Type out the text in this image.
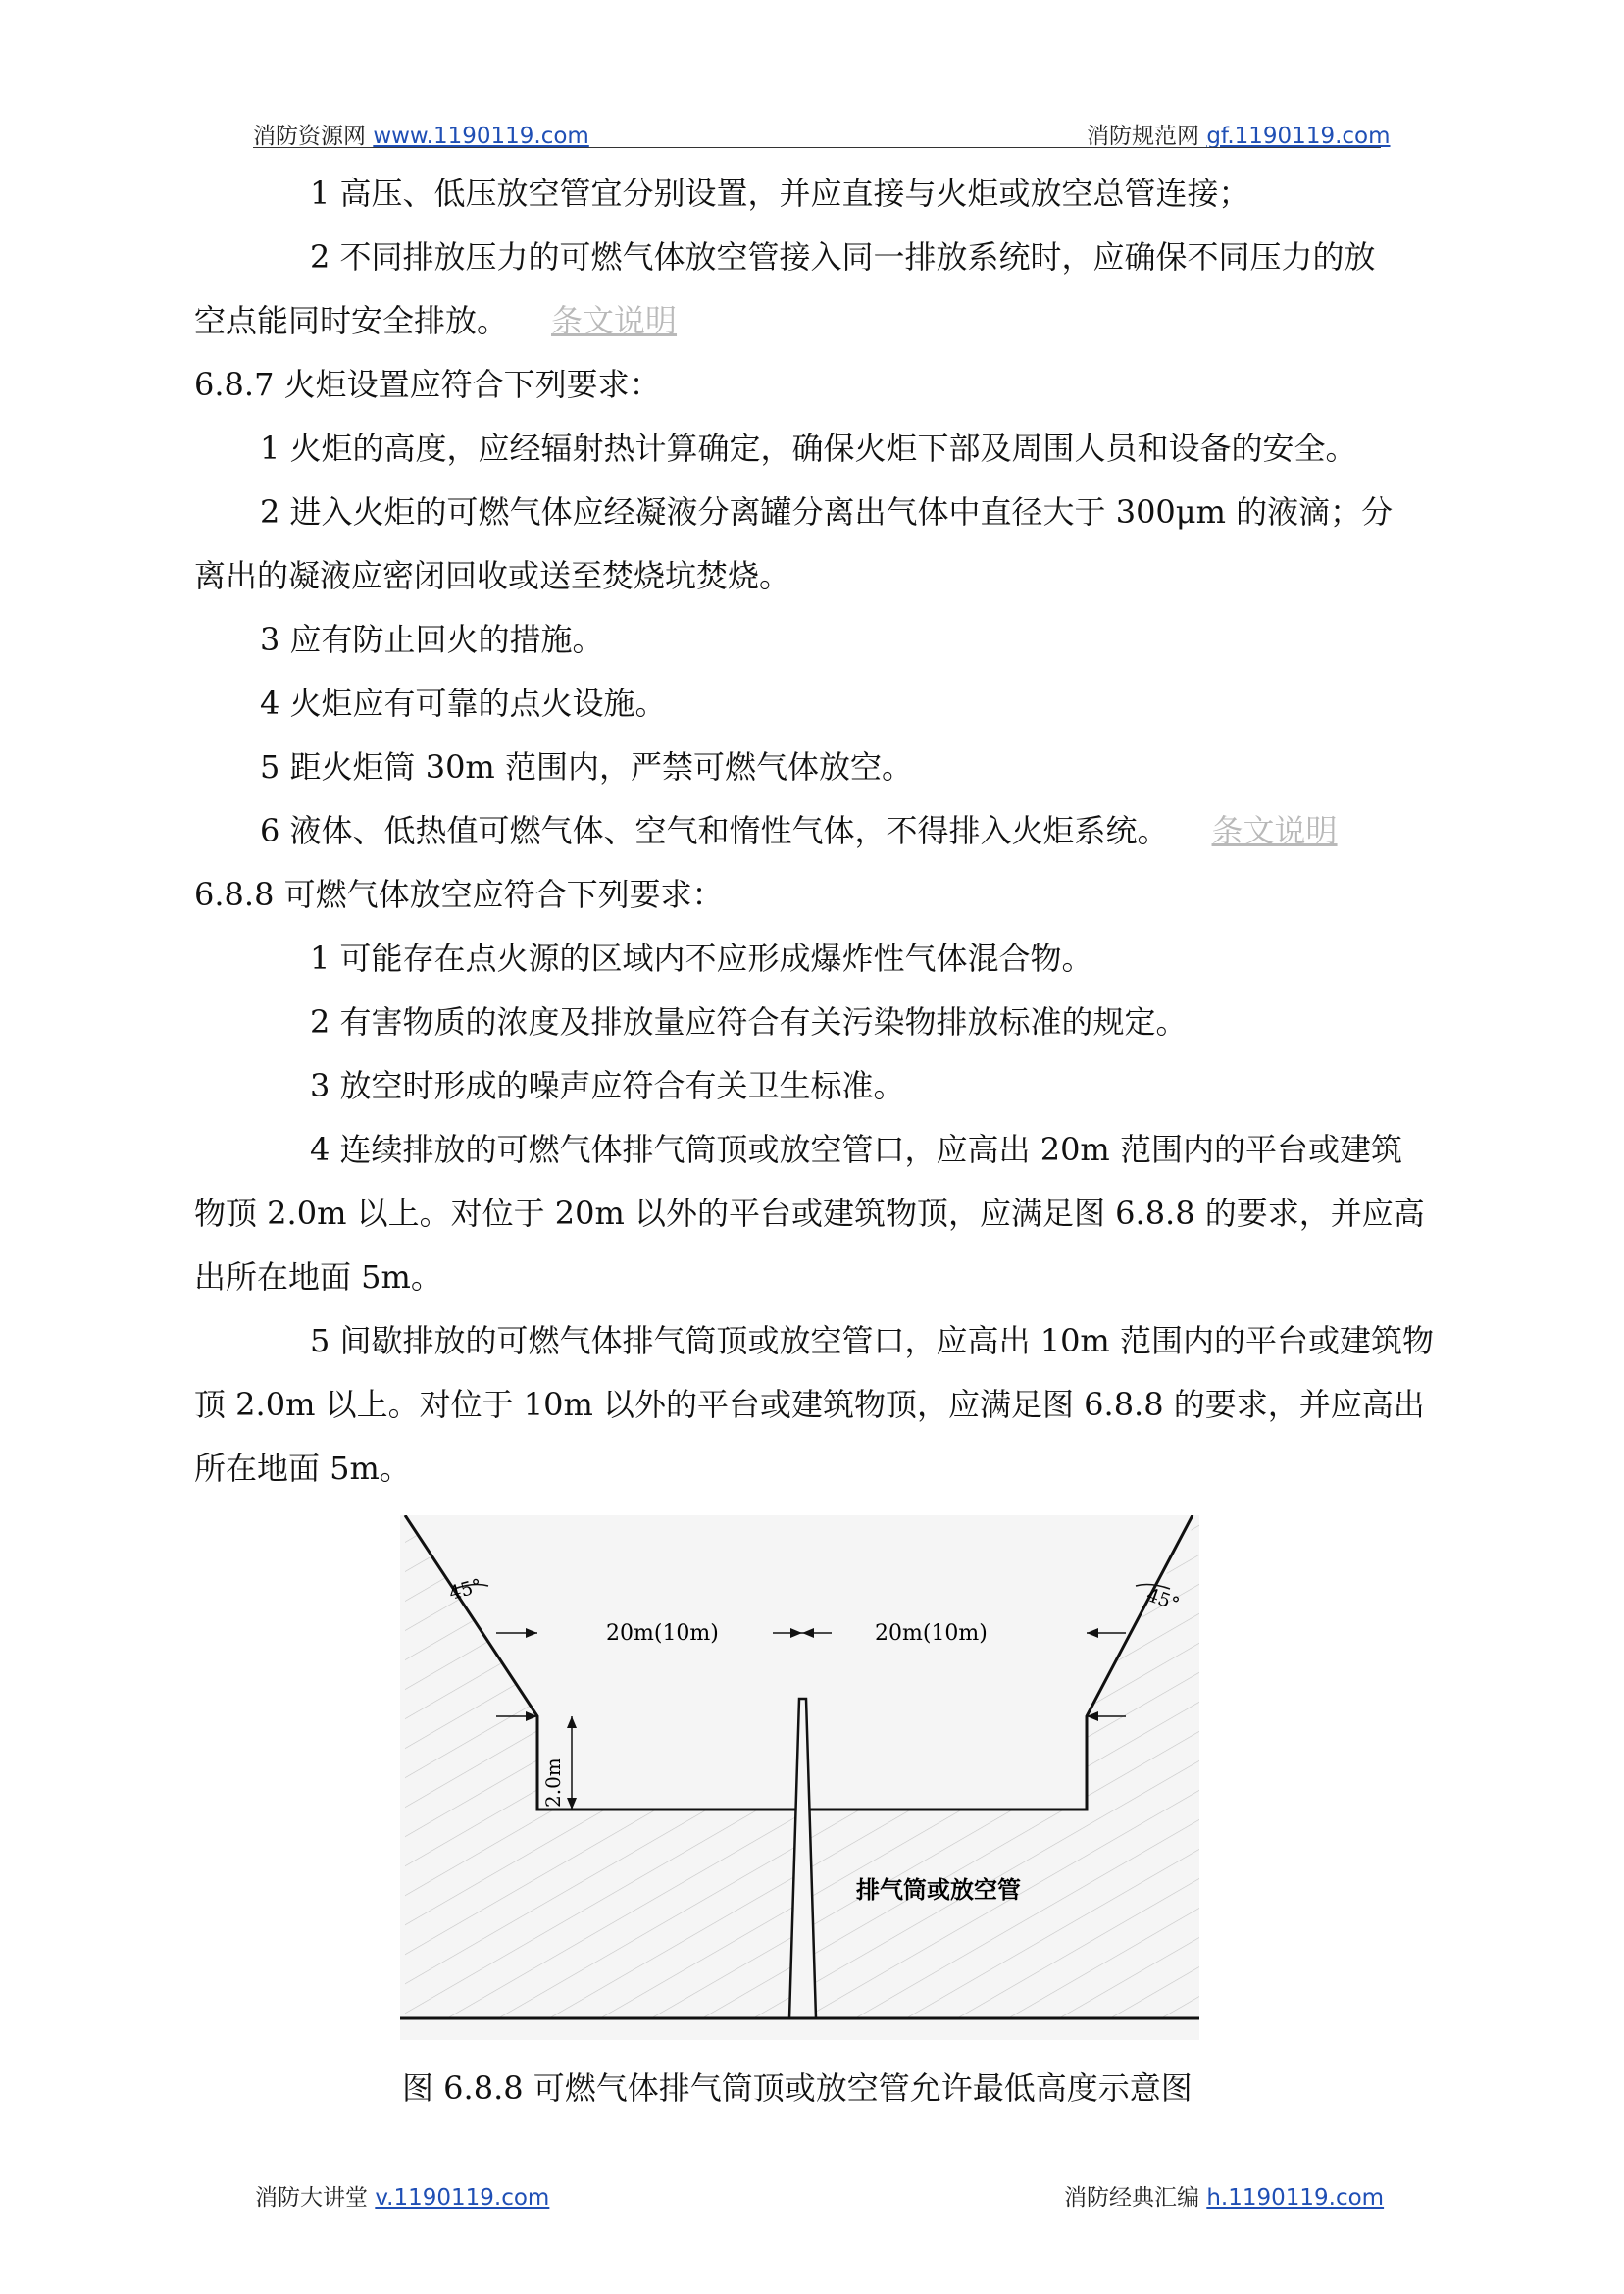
消防资源网 www.1190119.com	消防规范网 gf.1190119.com
1 高压、低压放空管宜分别设置，并应直接与火炬或放空总管连接；
2 不同排放压力的可燃气体放空管接入同一排放系统时，应确保不同压力的放
空点能同时安全排放。 条文说明
6.8.7 火炬设置应符合下列要求：
1 火炬的高度，应经辐射热计算确定，确保火炬下部及周围人员和设备的安全。
2 进入火炬的可燃气体应经凝液分离罐分离出气体中直径大于 300μm 的液滴；分
离出的凝液应密闭回收或送至焚烧坑焚烧。
3 应有防止回火的措施。
4 火炬应有可靠的点火设施。
5 距火炬筒 30m 范围内，严禁可燃气体放空。
6 液体、低热值可燃气体、空气和惰性气体，不得排入火炬系统。 条文说明
6.8.8 可燃气体放空应符合下列要求：
1 可能存在点火源的区域内不应形成爆炸性气体混合物。
2 有害物质的浓度及排放量应符合有关污染物排放标准的规定。
3 放空时形成的噪声应符合有关卫生标准。
4 连续排放的可燃气体排气筒顶或放空管口，应高出 20m 范围内的平台或建筑
物顶 2.0m 以上。对位于 20m 以外的平台或建筑物顶，应满足图 6.8.8 的要求，并应高
出所在地面 5m。
5 间歇排放的可燃气体排气筒顶或放空管口，应高出 10m 范围内的平台或建筑物
顶 2.0m 以上。对位于 10m 以外的平台或建筑物顶，应满足图 6.8.8 的要求，并应高出
所在地面 5m。
45°	45°
20m(10m)	20m(10m)
2.0m
排气筒或放空管
图 6.8.8 可燃气体排气筒顶或放空管允许最低高度示意图
消防大讲堂 v.1190119.com	消防经典汇编 h.1190119.com
